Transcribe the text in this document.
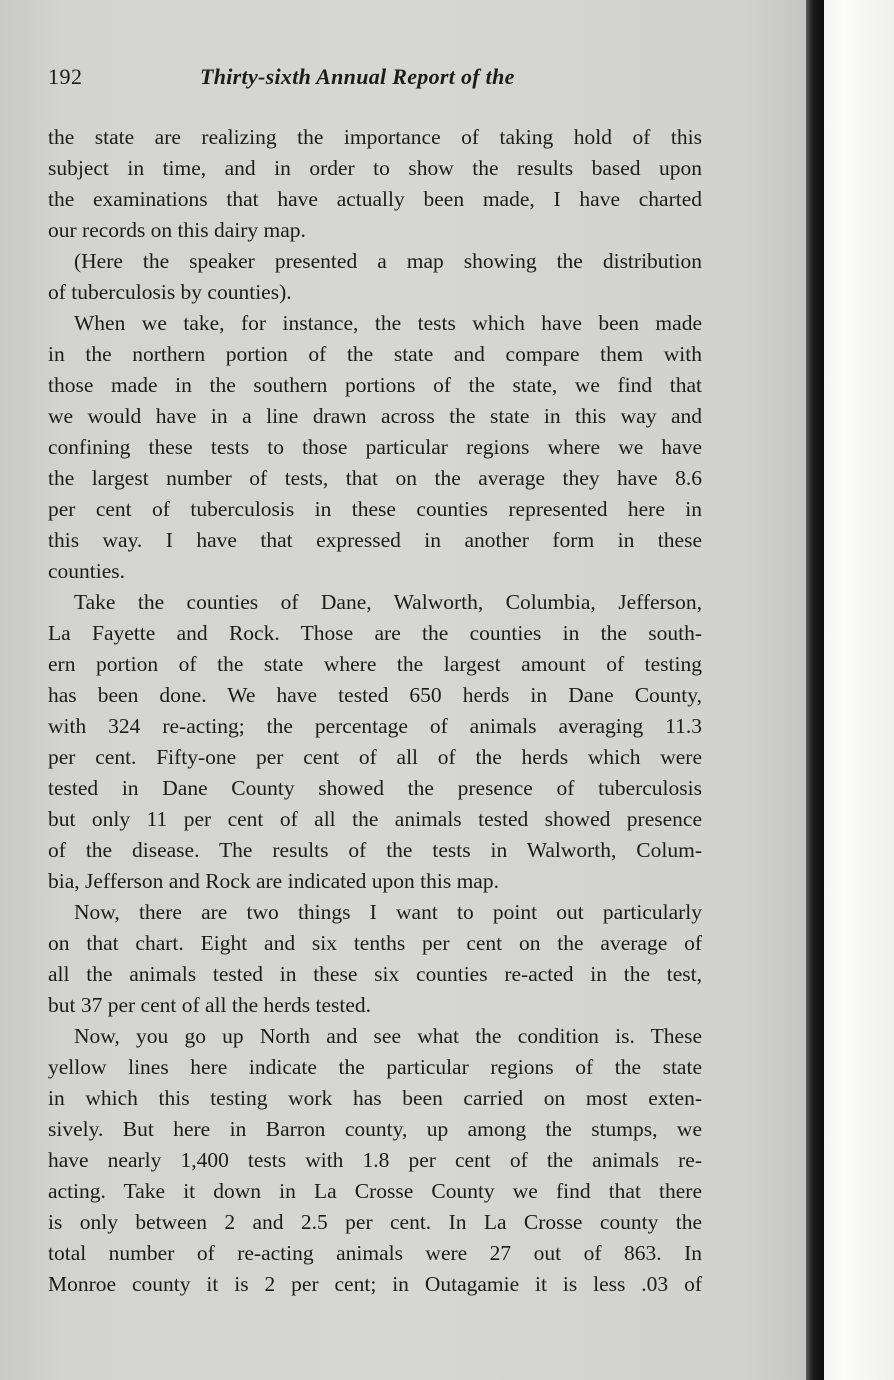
192	Thirty-sixth Annual Report of the
the state are realizing the importance of taking hold of this
subject in time, and in order to show the results based upon
the examinations that have actually been made, I have charted
our records on this dairy map.
(Here the speaker presented a map showing the distribution
of tuberculosis by counties).
When we take, for instance, the tests which have been made
in the northern portion of the state and compare them with
those made in the southern portions of the state, we find that
we would have in a line drawn across the state in this way and
confining these tests to those particular regions where we have
the largest number of tests, that on the average they have 8.6
per cent of tuberculosis in these counties represented here in
this way. I have that expressed in another form in these
counties.
Take the counties of Dane, Walworth, Columbia, Jefferson,
La Fayette and Rock. Those are the counties in the south-
ern portion of the state where the largest amount of testing
has been done. We have tested 650 herds in Dane County,
with 324 re-acting; the percentage of animals averaging 11.3
per cent. Fifty-one per cent of all of the herds which were
tested in Dane County showed the presence of tuberculosis
but only 11 per cent of all the animals tested showed presence
of the disease. The results of the tests in Walworth, Colum-
bia, Jefferson and Rock are indicated upon this map.
Now, there are two things I want to point out particularly
on that chart. Eight and six tenths per cent on the average of
all the animals tested in these six counties re-acted in the test,
but 37 per cent of all the herds tested.
Now, you go up North and see what the condition is. These
yellow lines here indicate the particular regions of the state
in which this testing work has been carried on most exten-
sively. But here in Barron county, up among the stumps, we
have nearly 1,400 tests with 1.8 per cent of the animals re-
acting. Take it down in La Crosse County we find that there
is only between 2 and 2.5 per cent. In La Crosse county the
total number of re-acting animals were 27 out of 863. In
Monroe county it is 2 per cent; in Outagamie it is less .03 of
